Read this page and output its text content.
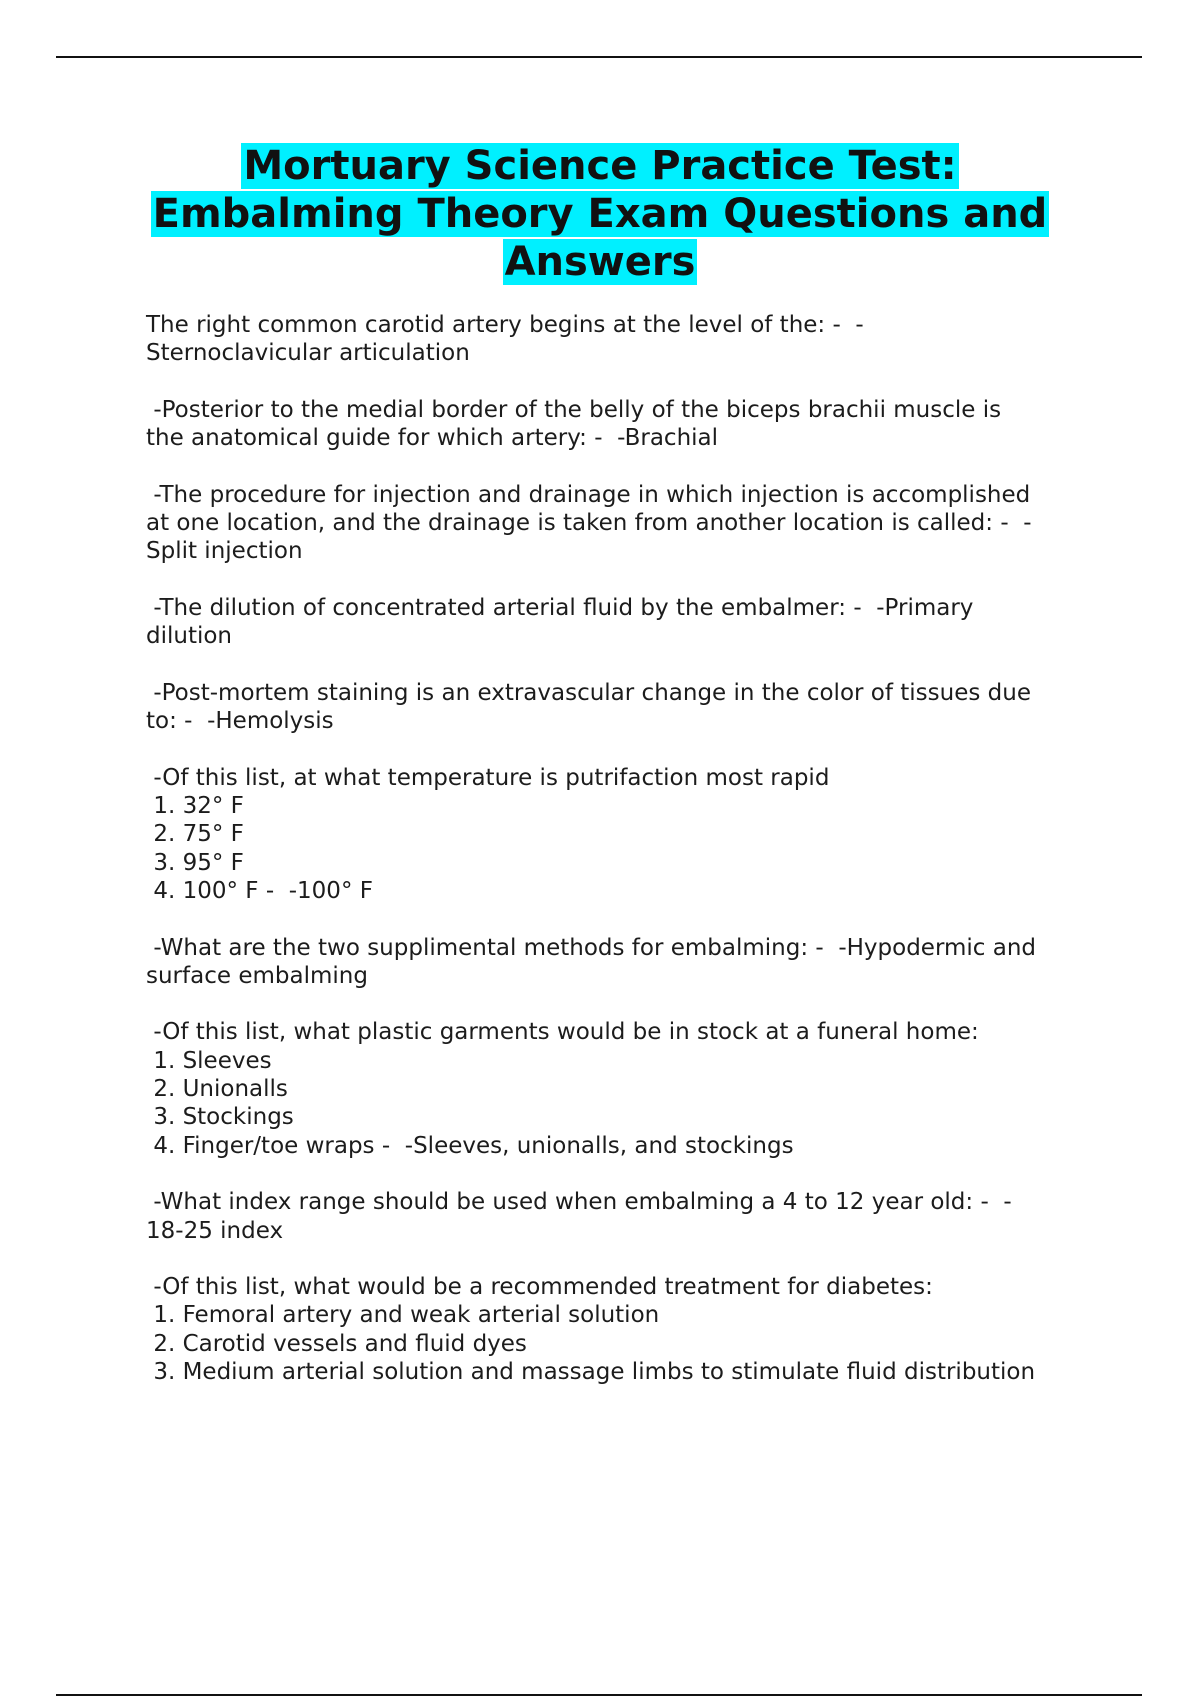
Mortuary Science Practice Test:
Embalming Theory Exam Questions and
Answers
The right common carotid artery begins at the level of the: -  -
Sternoclavicular articulation
-Posterior to the medial border of the belly of the biceps brachii muscle is
the anatomical guide for which artery: -  -Brachial
-The procedure for injection and drainage in which injection is accomplished
at one location, and the drainage is taken from another location is called: -  -
Split injection
-The dilution of concentrated arterial fluid by the embalmer: -  -Primary
dilution
-Post-mortem staining is an extravascular change in the color of tissues due
to: -  -Hemolysis
-Of this list, at what temperature is putrifaction most rapid
1. 32° F
2. 75° F
3. 95° F
4. 100° F -  -100° F
-What are the two supplimental methods for embalming: -  -Hypodermic and
surface embalming
-Of this list, what plastic garments would be in stock at a funeral home:
1. Sleeves
2. Unionalls
3. Stockings
4. Finger/toe wraps -  -Sleeves, unionalls, and stockings
-What index range should be used when embalming a 4 to 12 year old: -  -
18-25 index
-Of this list, what would be a recommended treatment for diabetes:
1. Femoral artery and weak arterial solution
2. Carotid vessels and fluid dyes
3. Medium arterial solution and massage limbs to stimulate fluid distribution
